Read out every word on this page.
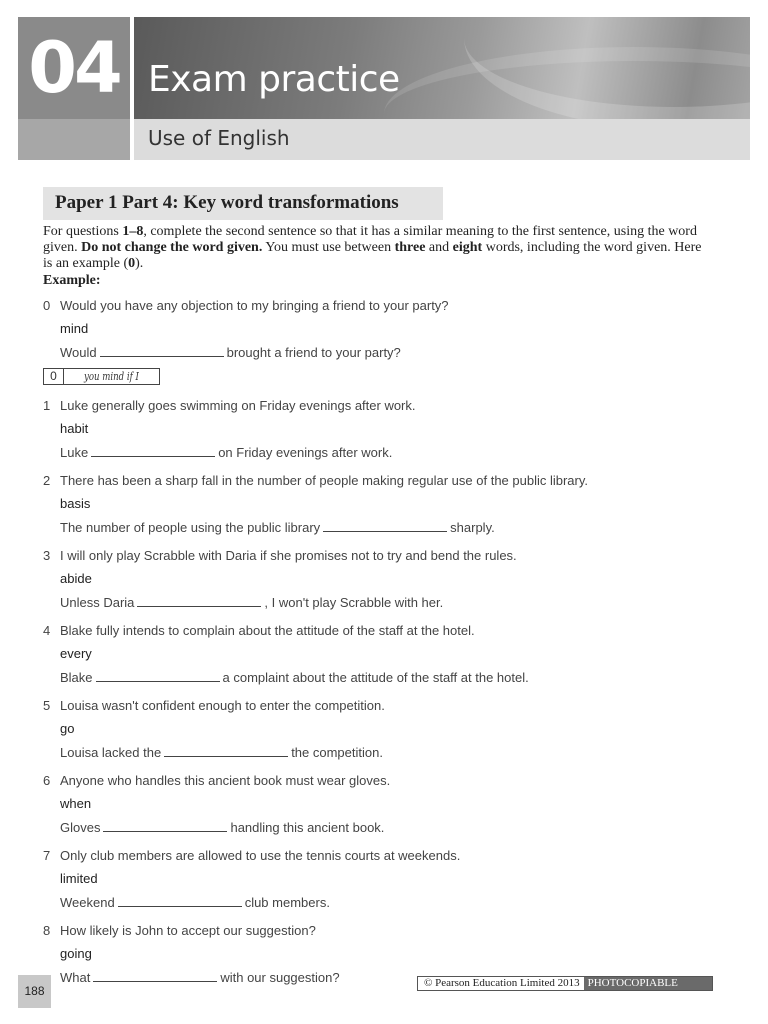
04 Exam practice
Use of English
Paper 1 Part 4: Key word transformations
For questions 1–8, complete the second sentence so that it has a similar meaning to the first sentence, using the word given. Do not change the word given. You must use between three and eight words, including the word given. Here is an example (0).
Example:
0 Would you have any objection to my bringing a friend to your party?
mind
Would	brought a friend to your party?
0	you mind if I
1 Luke generally goes swimming on Friday evenings after work.
habit
Luke	on Friday evenings after work.
2 There has been a sharp fall in the number of people making regular use of the public library.
basis
The number of people using the public library	sharply.
3 I will only play Scrabble with Daria if she promises not to try and bend the rules.
abide
Unless Daria	, I won't play Scrabble with her.
4 Blake fully intends to complain about the attitude of the staff at the hotel.
every
Blake	a complaint about the attitude of the staff at the hotel.
5 Louisa wasn't confident enough to enter the competition.
go
Louisa lacked the	the competition.
6 Anyone who handles this ancient book must wear gloves.
when
Gloves	handling this ancient book.
7 Only club members are allowed to use the tennis courts at weekends.
limited
Weekend	club members.
8 How likely is John to accept our suggestion?
going
What	with our suggestion?
188
© Pearson Education Limited 2013 PHOTOCOPIABLE
